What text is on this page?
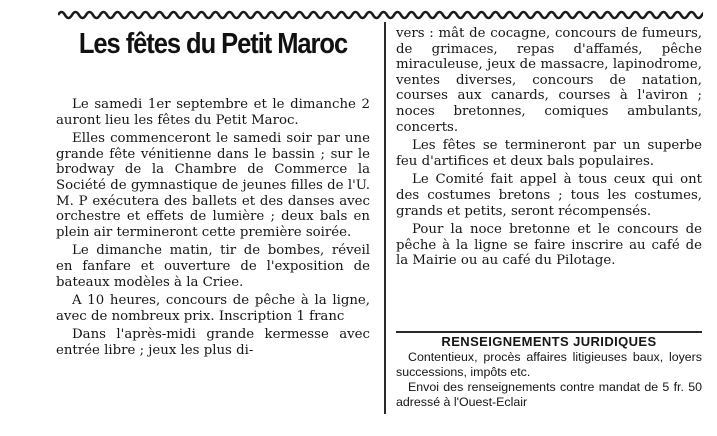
Les fêtes du Petit Maroc

Le samedi 1er septembre et le dimanche 2 auront lieu les fêtes du Petit Maroc.

Elles commenceront le samedi soir par une grande fête vénitienne dans le bassin ; sur le brodway de la Chambre de Commerce la Société de gymnastique de jeunes filles de l'U. M. P exécutera des ballets et des danses avec orchestre et effets de lumière ; deux bals en plein air termineront cette première soirée.

Le dimanche matin, tir de bombes, réveil en fanfare et ouverture de l'exposition de bateaux modèles à la Criee.

A 10 heures, concours de pêche à la ligne, avec de nombreux prix. Inscription 1 franc

Dans l'après-midi grande kermesse avec entrée libre ; jeux les plus di-

vers : mât de cocagne, concours de fumeurs, de grimaces, repas d'affamés, pêche miraculeuse, jeux de massacre, lapinodrome, ventes diverses, concours de natation, courses aux canards, courses à l'aviron ; noces bretonnes, comiques ambulants, concerts.

Les fêtes se termineront par un superbe feu d'artifices et deux bals populaires.

Le Comité fait appel à tous ceux qui ont des costumes bretons ; tous les costumes, grands et petits, seront récompensés.

Pour la noce bretonne et le concours de pêche à la ligne se faire inscrire au café de la Mairie ou au café du Pilotage.

RENSEIGNEMENTS JURIDIQUES

Contentieux, procès affaires litigieuses baux, loyers successions, impôts etc.

Envoi des renseignements contre mandat de 5 fr. 50 adressé à l'Ouest-Eclair
